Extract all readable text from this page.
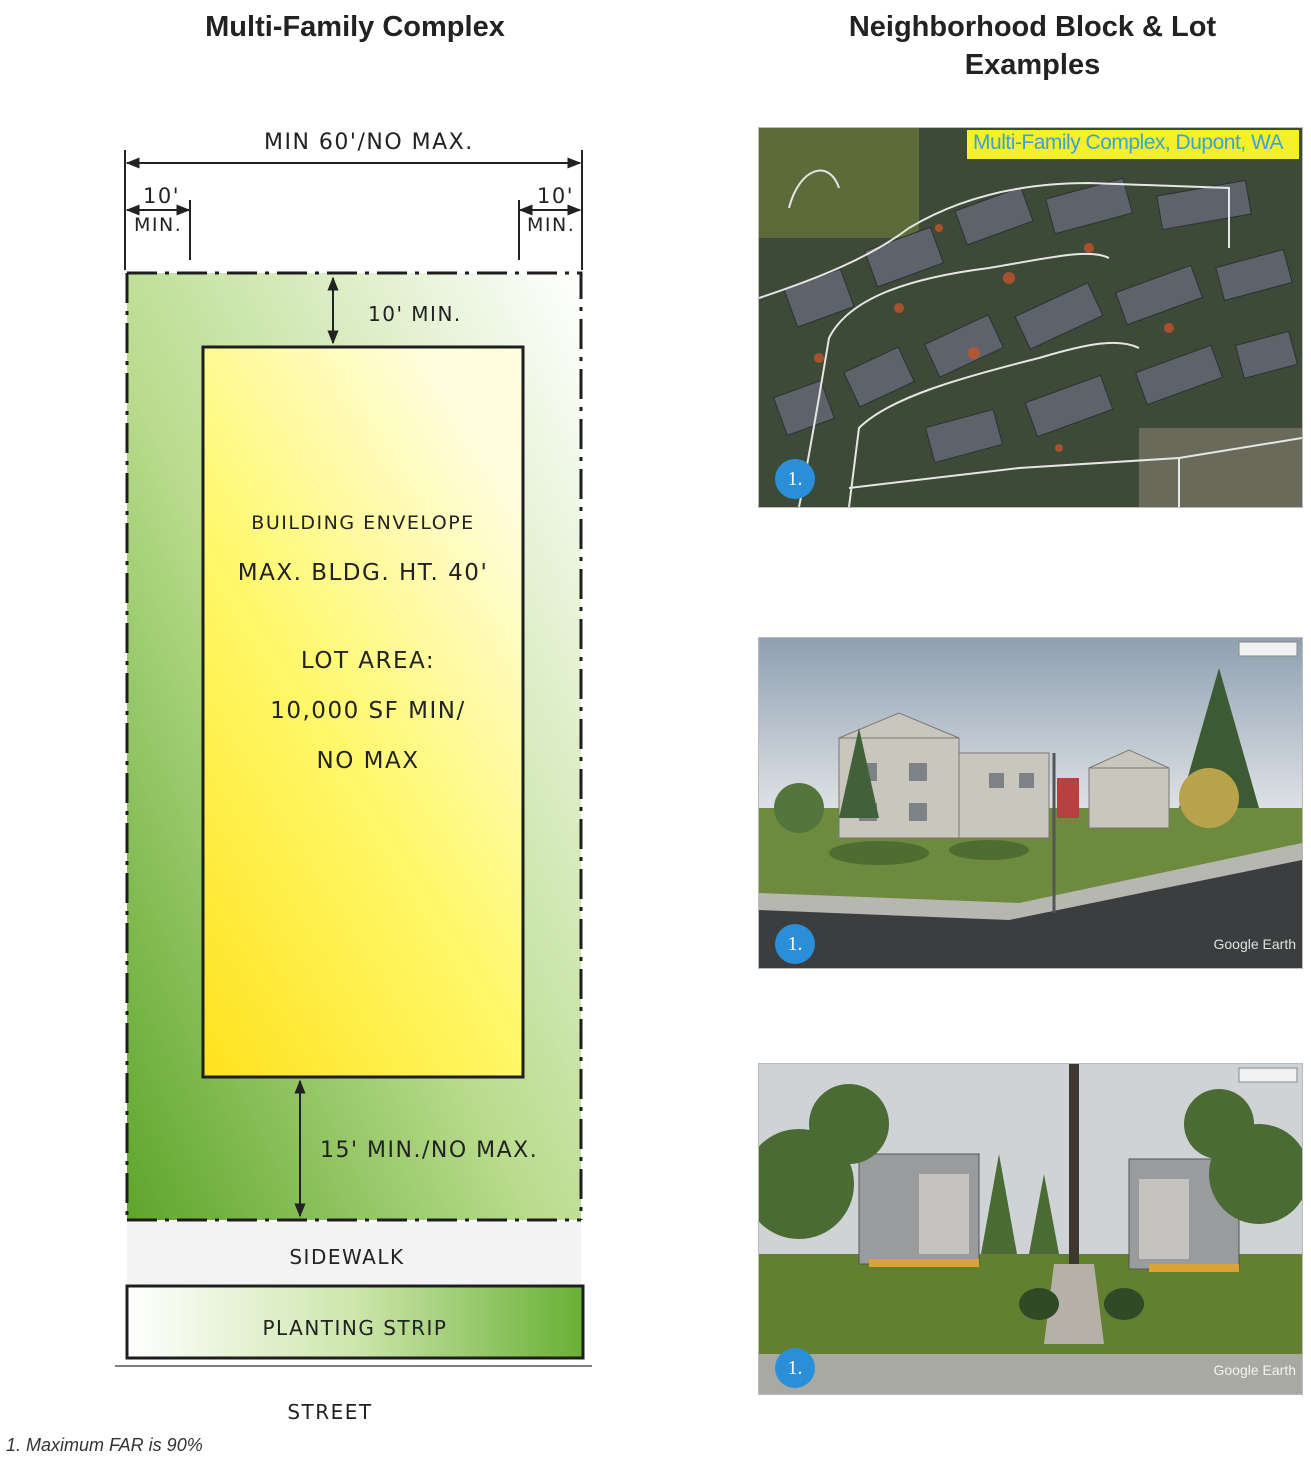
Multi-Family Complex	Neighborhood Block & Lot Examples
MIN 60'/NO MAX.
10'
MIN.
10'
MIN.
10' MIN.
BUILDING ENVELOPE
MAX. BLDG. HT. 40'
LOT AREA:
10,000 SF MIN/
NO MAX
15' MIN./NO MAX.
SIDEWALK
PLANTING STRIP
STREET
1. Maximum FAR is 90%
Multi-Family Complex, Dupont, WA
1.
1.	Google Earth
1.	Google Earth
